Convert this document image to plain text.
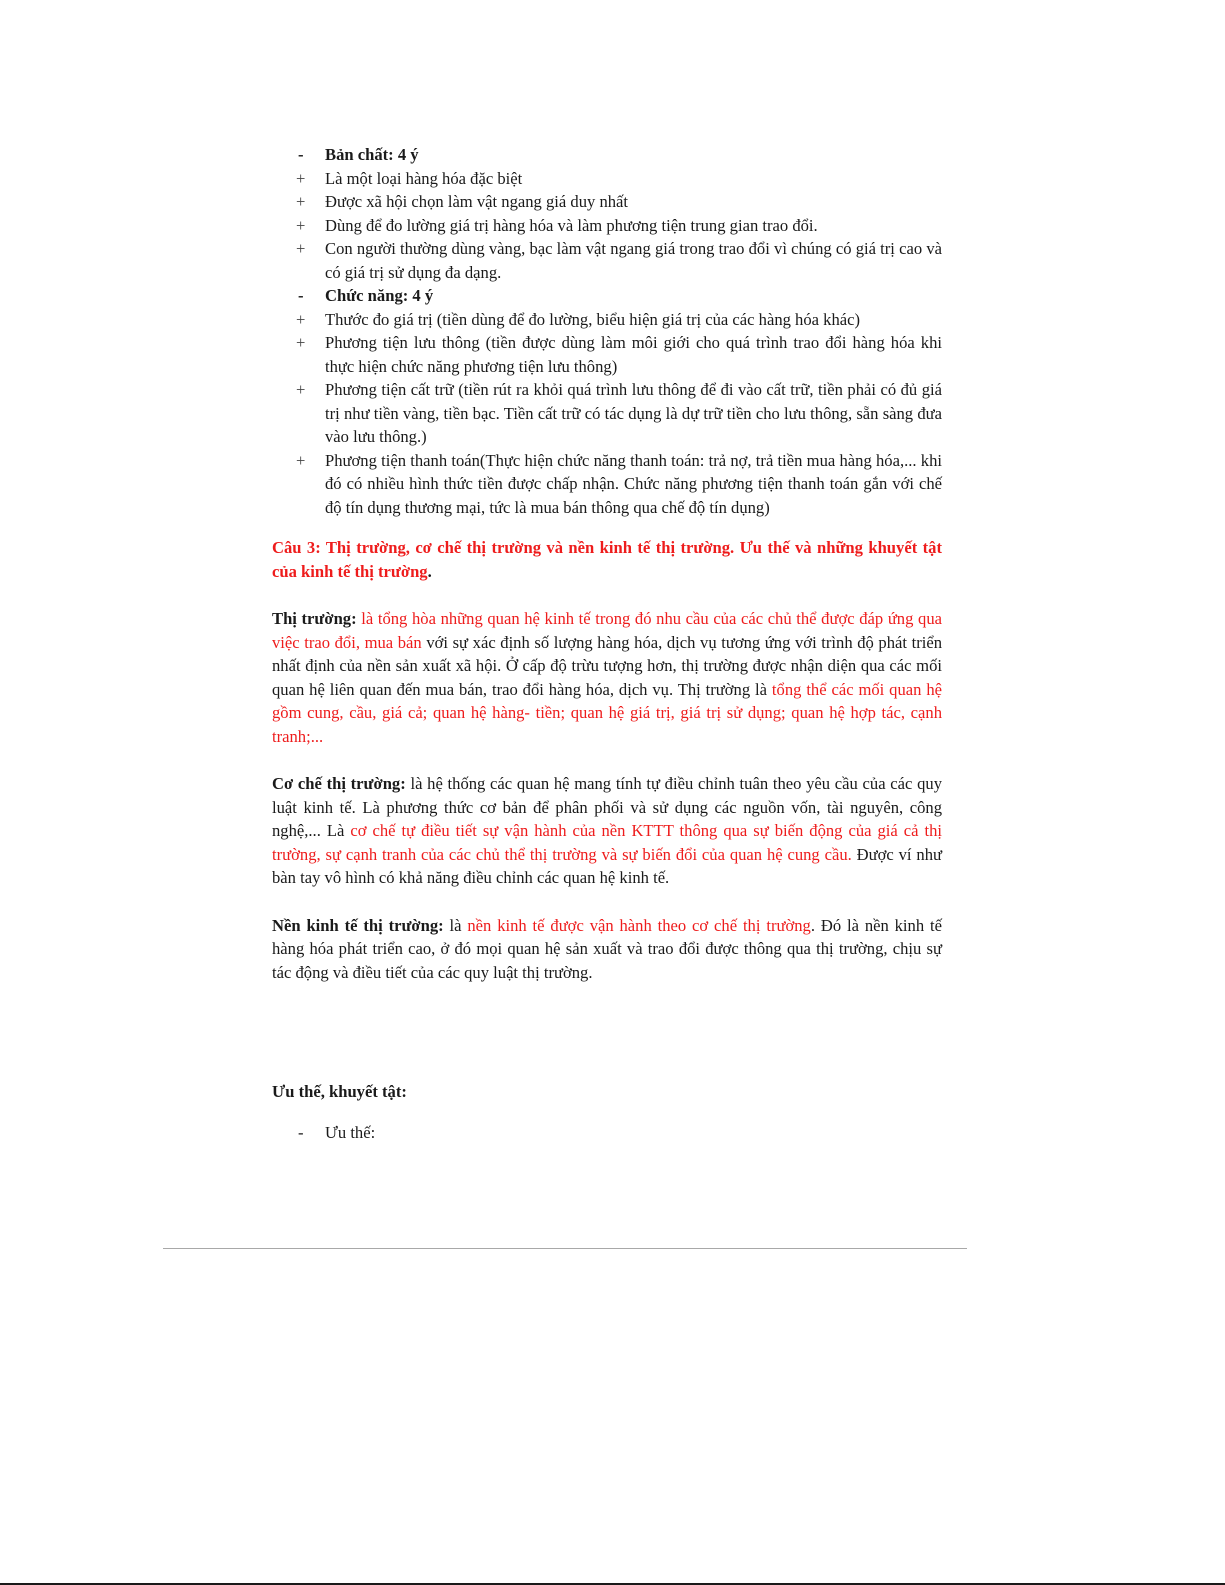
-	Bản chất: 4 ý
+	Là một loại hàng hóa đặc biệt
+	Được xã hội chọn làm vật ngang giá duy nhất
+	Dùng để đo lường giá trị hàng hóa và làm phương tiện trung gian trao đổi.
+	Con người thường dùng vàng, bạc làm vật ngang giá trong trao đổi vì chúng có giá trị cao và có giá trị sử dụng đa dạng.
-	Chức năng: 4 ý
+	Thước đo giá trị (tiền dùng để đo lường, biểu hiện giá trị của các hàng hóa khác)
+	Phương tiện lưu thông (tiền được dùng làm môi giới cho quá trình trao đổi hàng hóa khi thực hiện chức năng phương tiện lưu thông)
+	Phương tiện cất trữ (tiền rút ra khỏi quá trình lưu thông để đi vào cất trữ, tiền phải có đủ giá trị như tiền vàng, tiền bạc. Tiền cất trữ có tác dụng là dự trữ tiền cho lưu thông, sẵn sàng đưa vào lưu thông.)
+	Phương tiện thanh toán(Thực hiện chức năng thanh toán: trả nợ, trả tiền mua hàng hóa,... khi đó có nhiều hình thức tiền được chấp nhận. Chức năng phương tiện thanh toán gắn với chế độ tín dụng thương mại, tức là mua bán thông qua chế độ tín dụng)
Câu 3: Thị trường, cơ chế thị trường và nền kinh tế thị trường. Ưu thế và những khuyết tật của kinh tế thị trường.
Thị trường: là tổng hòa những quan hệ kinh tế trong đó nhu cầu của các chủ thể được đáp ứng qua việc trao đổi, mua bán với sự xác định số lượng hàng hóa, dịch vụ tương ứng với trình độ phát triển nhất định của nền sản xuất xã hội. Ở cấp độ trừu tượng hơn, thị trường được nhận diện qua các mối quan hệ liên quan đến mua bán, trao đổi hàng hóa, dịch vụ. Thị trường là tổng thể các mối quan hệ gồm cung, cầu, giá cả; quan hệ hàng- tiền; quan hệ giá trị, giá trị sử dụng; quan hệ hợp tác, cạnh tranh;...
Cơ chế thị trường: là hệ thống các quan hệ mang tính tự điều chỉnh tuân theo yêu cầu của các quy luật kinh tế. Là phương thức cơ bản để phân phối và sử dụng các nguồn vốn, tài nguyên, công nghệ,... Là cơ chế tự điều tiết sự vận hành của nền KTTT thông qua sự biến động của giá cả thị trường, sự cạnh tranh của các chủ thể thị trường và sự biến đổi của quan hệ cung cầu. Được ví như bàn tay vô hình có khả năng điều chỉnh các quan hệ kinh tế.
Nền kinh tế thị trường: là nền kinh tế được vận hành theo cơ chế thị trường. Đó là nền kinh tế hàng hóa phát triển cao, ở đó mọi quan hệ sản xuất và trao đổi được thông qua thị trường, chịu sự tác động và điều tiết của các quy luật thị trường.
Ưu thế, khuyết tật:
-	Ưu thế:
